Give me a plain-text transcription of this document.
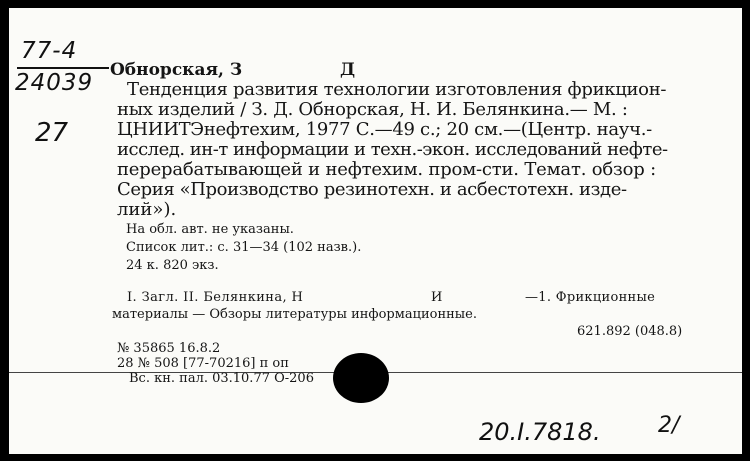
77-4
24039
27
Обнорская, З	Д
Тенденция развития технологии изготовления фрикцион-
ных изделий / З. Д. Обнорская, Н. И. Белянкина.— М. :
ЦНИИТЭнефтехим, 1977 С.—49 с.; 20 см.—(Центр. науч.-
исслед. ин-т информации и техн.-экон. исследований нефте-
перерабатывающей и нефтехим. пром-сти. Темат. обзор :
Серия «Производство резинотехн. и асбестотехн. изде-
лий»).
На обл. авт. не указаны.
Список лит.: с. 31—34 (102 назв.).
24 к. 820 экз.
I. Загл. II. Белянкина, Н	И	—1. Фрикционные
материалы — Обзоры литературы информационные.
621.892 (048.8)
№ 35865 16.8.2
28 № 508 [77-70216] п оп
Вс. кн. пал. 03.10.77 О-206
20.I.7818.	2/
